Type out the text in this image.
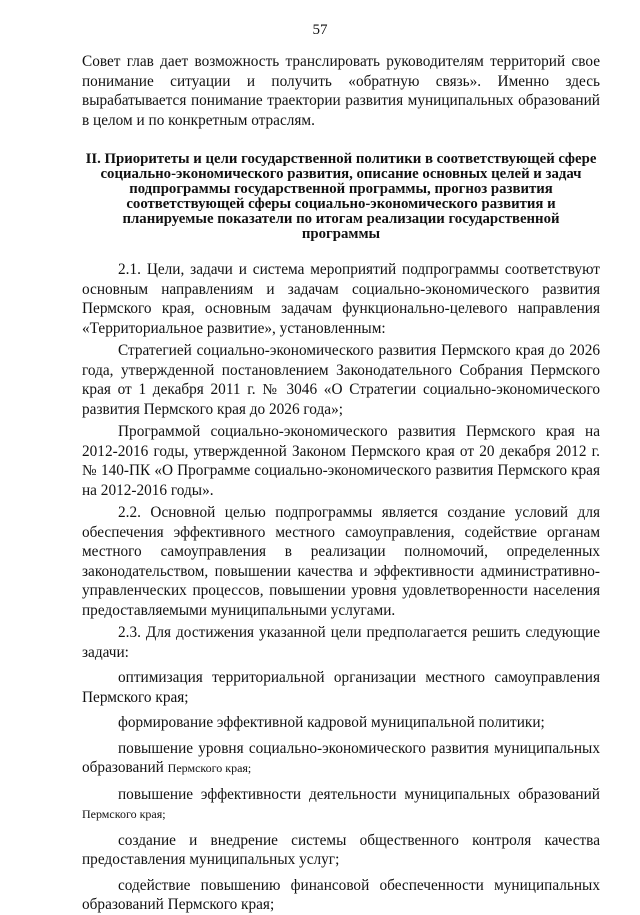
57

Совет глав дает возможность транслировать руководителям территорий свое понимание ситуации и получить «обратную связь». Именно здесь вырабатывается понимание траектории развития муниципальных образований в целом и по конкретным отраслям.

II. Приоритеты и цели государственной политики в соответствующей сфере социально-экономического развития, описание основных целей и задач подпрограммы государственной программы, прогноз развития соответствующей сферы социально-экономического развития и планируемые показатели по итогам реализации государственной программы

2.1. Цели, задачи и система мероприятий подпрограммы соответствуют основным направлениям и задачам социально-экономического развития Пермского края, основным задачам функционально-целевого направления «Территориальное развитие», установленным:

Стратегией социально-экономического развития Пермского края до 2026 года, утвержденной постановлением Законодательного Собрания Пермского края от 1 декабря 2011 г. № 3046 «О Стратегии социально-экономического развития Пермского края до 2026 года»;

Программой социально-экономического развития Пермского края на 2012-2016 годы, утвержденной Законом Пермского края от 20 декабря 2012 г. № 140-ПК «О Программе социально-экономического развития Пермского края на 2012-2016 годы».

2.2. Основной целью подпрограммы является создание условий для обеспечения эффективного местного самоуправления, содействие органам местного самоуправления в реализации полномочий, определенных законодательством, повышении качества и эффективности административно-управленческих процессов, повышении уровня удовлетворенности населения предоставляемыми муниципальными услугами.

2.3. Для достижения указанной цели предполагается решить следующие задачи:

оптимизация территориальной организации местного самоуправления Пермского края;

формирование эффективной кадровой муниципальной политики;

повышение уровня социально-экономического развития муниципальных образований Пермского края;

повышение эффективности деятельности муниципальных образований Пермского края;

создание и внедрение системы общественного контроля качества предоставления муниципальных услуг;

содействие повышению финансовой обеспеченности муниципальных образований Пермского края;
